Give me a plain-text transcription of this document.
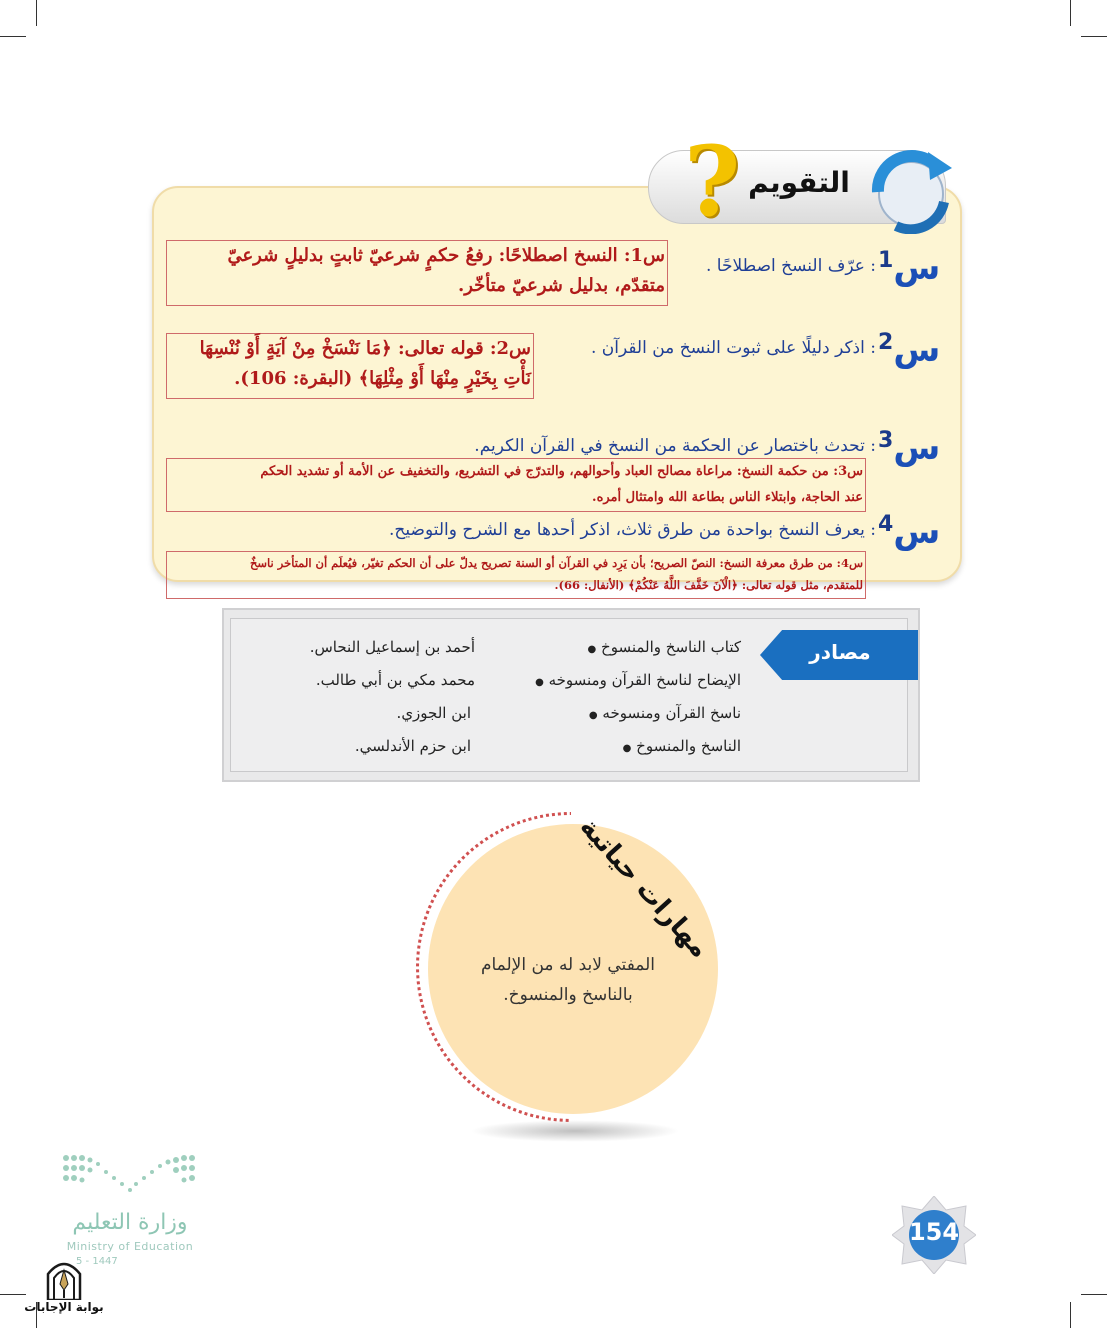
? التقويم
$^1$س
: عرّف النسخ اصطلاحًا .
س1: النسخ اصطلاحًا: رفعُ حكمٍ شرعيّ ثابتٍ بدليلٍ شرعيّ
متقدّم، بدليل شرعيّ متأخّر.
$^2$س
: اذكر دليلًا على ثبوت النسخ من القرآن .
س2: قوله تعالى: ﴿مَا نَنْسَخْ مِنْ آيَةٍ أَوْ نُنْسِهَا
نَأْتِ بِخَيْرٍ مِنْهَا أَوْ مِثْلِهَا﴾ (البقرة: 106).
$^3$س
: تحدث باختصار عن الحكمة من النسخ في القرآن الكريم.
س3: من حكمة النسخ: مراعاة مصالح العباد وأحوالهم، والتدرّج في التشريع، والتخفيف عن الأمة أو تشديد الحكم
عند الحاجة، وابتلاء الناس بطاعة الله وامتثال أمره.
$^4$س
: يعرف النسخ بواحدة من طرق ثلاث، اذكر أحدها مع الشرح والتوضيح.
س4: من طرق معرفة النسخ: النصّ الصريح؛ بأن يَرِد في القرآن أو السنة تصريح يدلّ على أن الحكم تغيّر، فيُعلَم أن المتأخر ناسخٌ
للمتقدم، مثل قوله تعالى: ﴿الْآنَ خَفَّفَ اللَّهُ عَنْكُمْ﴾ (الأنفال: 66).
مصادر
كتاب الناسخ والمنسوخ ●
الإيضاح لناسخ القرآن ومنسوخه ●
ناسخ القرآن ومنسوخه ●
الناسخ والمنسوخ ●
أحمد بن إسماعيل النحاس.
محمد مكي بن أبي طالب.
ابن الجوزي.
ابن حزم الأندلسي.
مهارات حياتية
المفتي لابد له من الإلمام بالناسخ والمنسوخ.
وزارة التعليم
Ministry of Education
5 - 1447
بوابة الإجابات
154
